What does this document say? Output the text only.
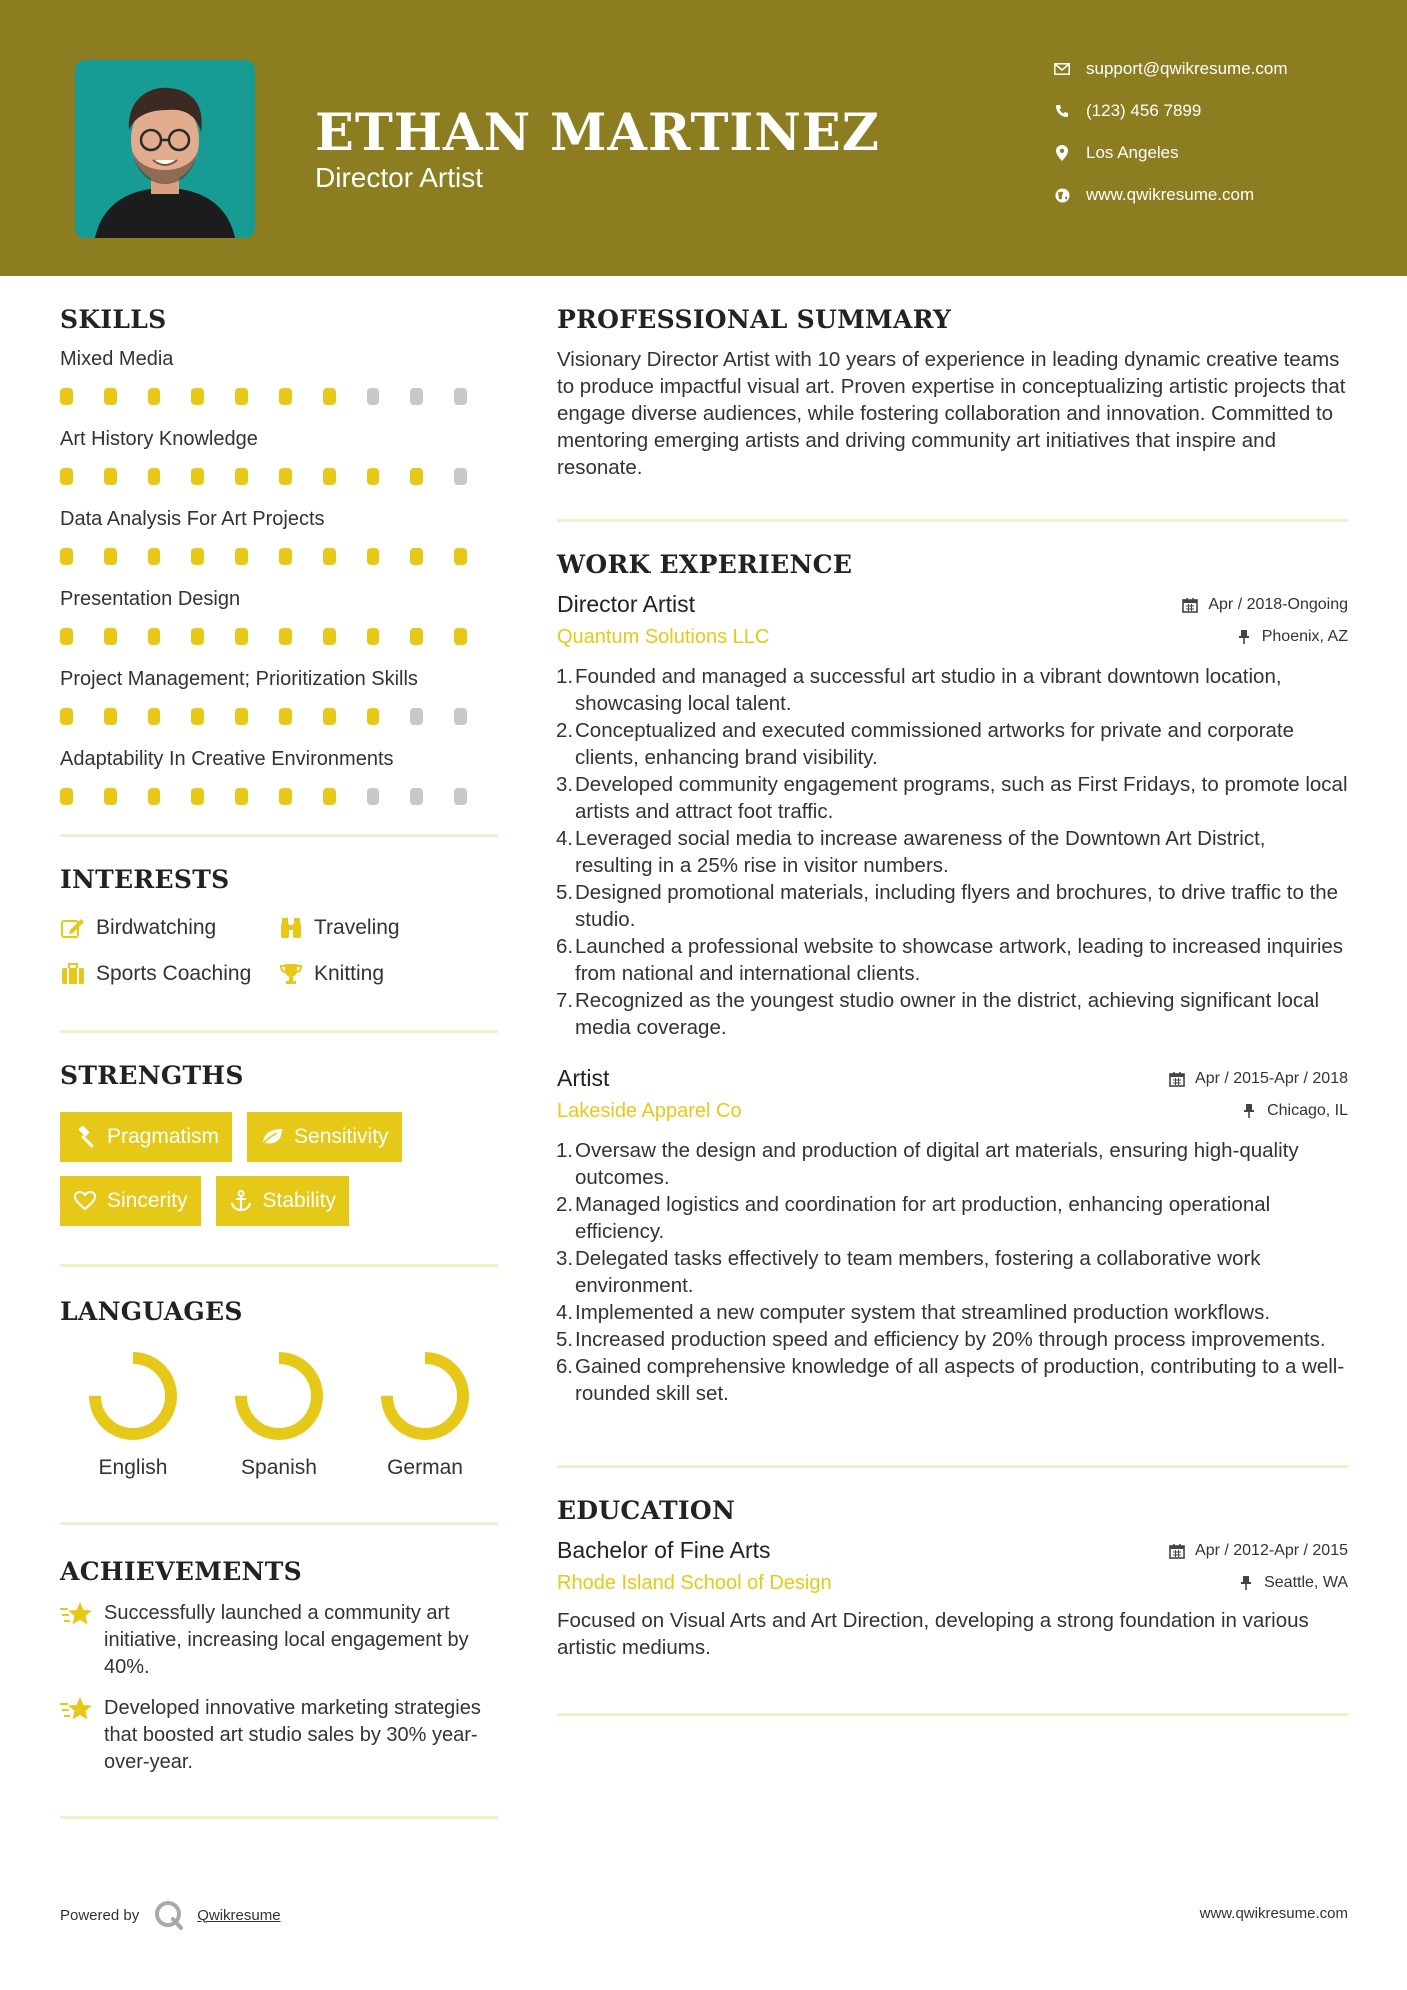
ETHAN MARTINEZ
Director Artist
support@qwikresume.com
(123) 456 7899
Los Angeles
www.qwikresume.com
SKILLS
Mixed Media
Art History Knowledge
Data Analysis For Art Projects
Presentation Design
Project Management; Prioritization Skills
Adaptability In Creative Environments
INTERESTS
Birdwatching	Traveling
Sports Coaching	Knitting
STRENGTHS
Pragmatism	Sensitivity
Sincerity	Stability
LANGUAGES
English	Spanish	German
ACHIEVEMENTS
Successfully launched a community art initiative, increasing local engagement by 40%.
Developed innovative marketing strategies that boosted art studio sales by 30% year-over-year.
PROFESSIONAL SUMMARY

Visionary Director Artist with 10 years of experience in leading dynamic creative teams to produce impactful visual art. Proven expertise in conceptualizing artistic projects that engage diverse audiences, while fostering collaboration and innovation. Committed to mentoring emerging artists and driving community art initiatives that inspire and resonate.

WORK EXPERIENCE
Director Artist	Apr / 2018-Ongoing
Quantum Solutions LLC	Phoenix, AZ
Founded and managed a successful art studio in a vibrant downtown location, showcasing local talent.
Conceptualized and executed commissioned artworks for private and corporate clients, enhancing brand visibility.
Developed community engagement programs, such as First Fridays, to promote local artists and attract foot traffic.
Leveraged social media to increase awareness of the Downtown Art District, resulting in a 25% rise in visitor numbers.
Designed promotional materials, including flyers and brochures, to drive traffic to the studio.
Launched a professional website to showcase artwork, leading to increased inquiries from national and international clients.
Recognized as the youngest studio owner in the district, achieving significant local media coverage.
Artist	Apr / 2015-Apr / 2018
Lakeside Apparel Co	Chicago, IL
Oversaw the design and production of digital art materials, ensuring high-quality outcomes.
Managed logistics and coordination for art production, enhancing operational efficiency.
Delegated tasks effectively to team members, fostering a collaborative work environment.
Implemented a new computer system that streamlined production workflows.
Increased production speed and efficiency by 20% through process improvements.
Gained comprehensive knowledge of all aspects of production, contributing to a well-rounded skill set.
EDUCATION
Bachelor of Fine Arts	Apr / 2012-Apr / 2015
Rhode Island School of Design	Seattle, WA

Focused on Visual Arts and Art Direction, developing a strong foundation in various artistic mediums.

Powered by	Qwikresume	www.qwikresume.com
